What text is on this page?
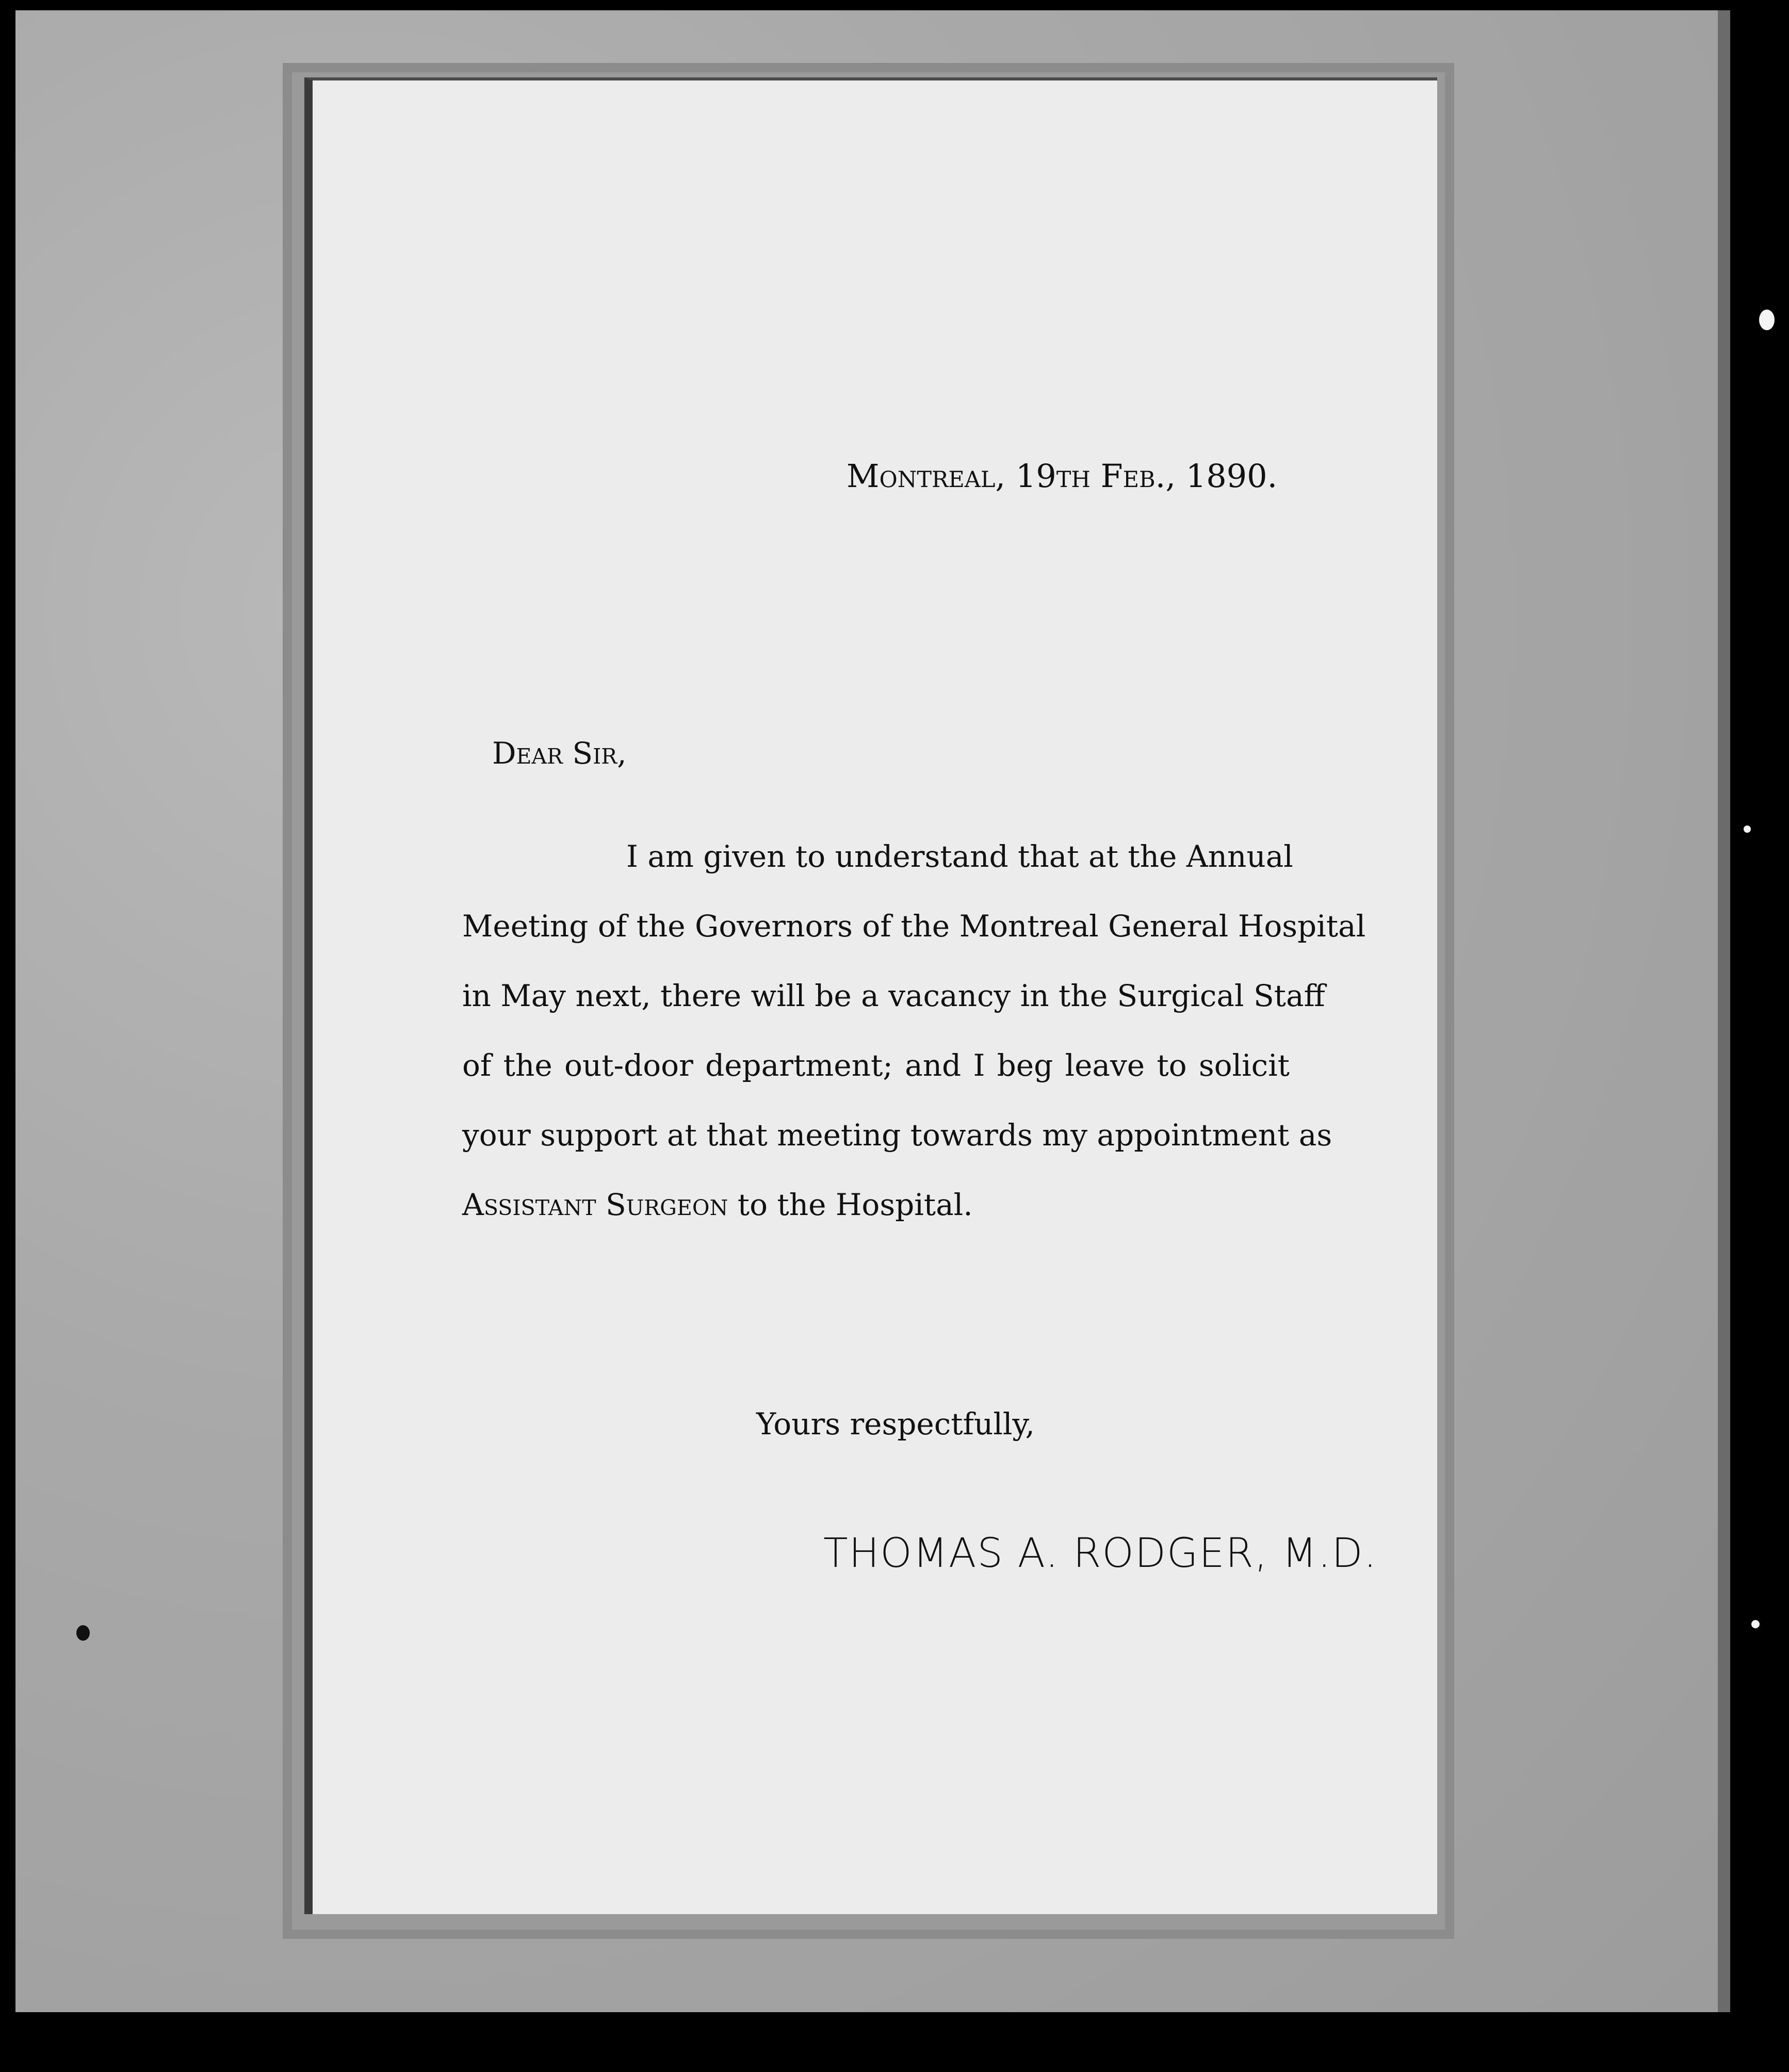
Montreal, 19th Feb., 1890.

Dear Sir,

I am given to understand that at the Annual

Meeting of the Governors of the Montreal General Hospital

in May next, there will be a vacancy in the Surgical Staff

of the out-door department; and I beg leave to solicit

your support at that meeting towards my appointment as

Assistant Surgeon to the Hospital.

Yours respectfully,

THOMAS A. RODGER, M.D.
